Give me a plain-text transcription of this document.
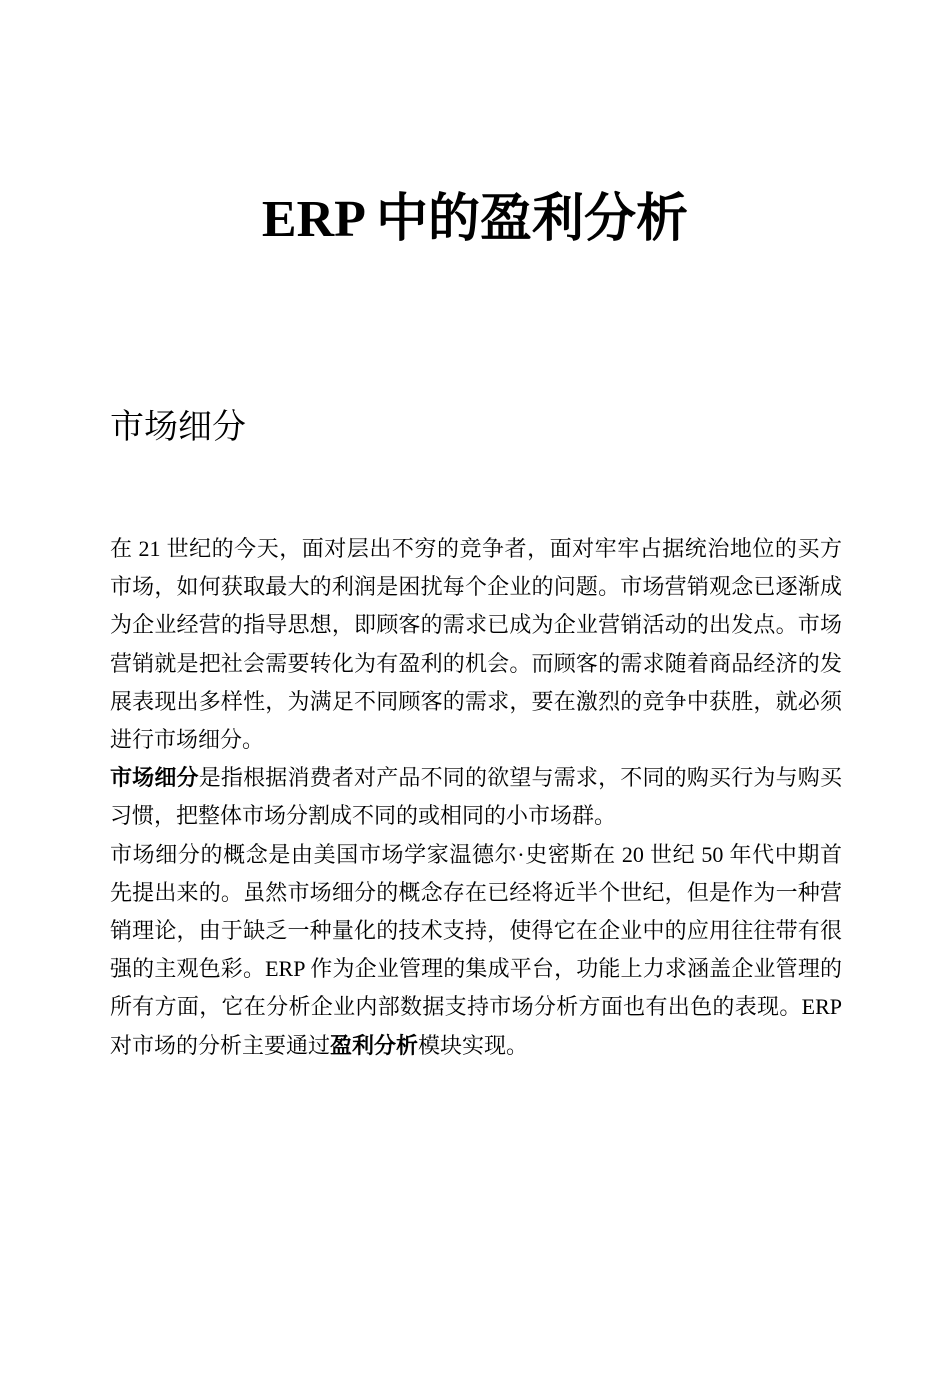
ERP 中的盈利分析
市场细分

在 21 世纪的今天，面对层出不穷的竞争者，面对牢牢占据统治地位的买方市场，如何获取最大的利润是困扰每个企业的问题。市场营销观念已逐渐成为企业经营的指导思想，即顾客的需求已成为企业营销活动的出发点。市场营销就是把社会需要转化为有盈利的机会。而顾客的需求随着商品经济的发展表现出多样性，为满足不同顾客的需求，要在激烈的竞争中获胜，就必须进行市场细分。

市场细分是指根据消费者对产品不同的欲望与需求，不同的购买行为与购买习惯，把整体市场分割成不同的或相同的小市场群。

市场细分的概念是由美国市场学家温德尔·史密斯在 20 世纪 50 年代中期首先提出来的。虽然市场细分的概念存在已经将近半个世纪，但是作为一种营销理论，由于缺乏一种量化的技术支持，使得它在企业中的应用往往带有很强的主观色彩。ERP 作为企业管理的集成平台，功能上力求涵盖企业管理的所有方面，它在分析企业内部数据支持市场分析方面也有出色的表现。ERP 对市场的分析主要通过盈利分析模块实现。
